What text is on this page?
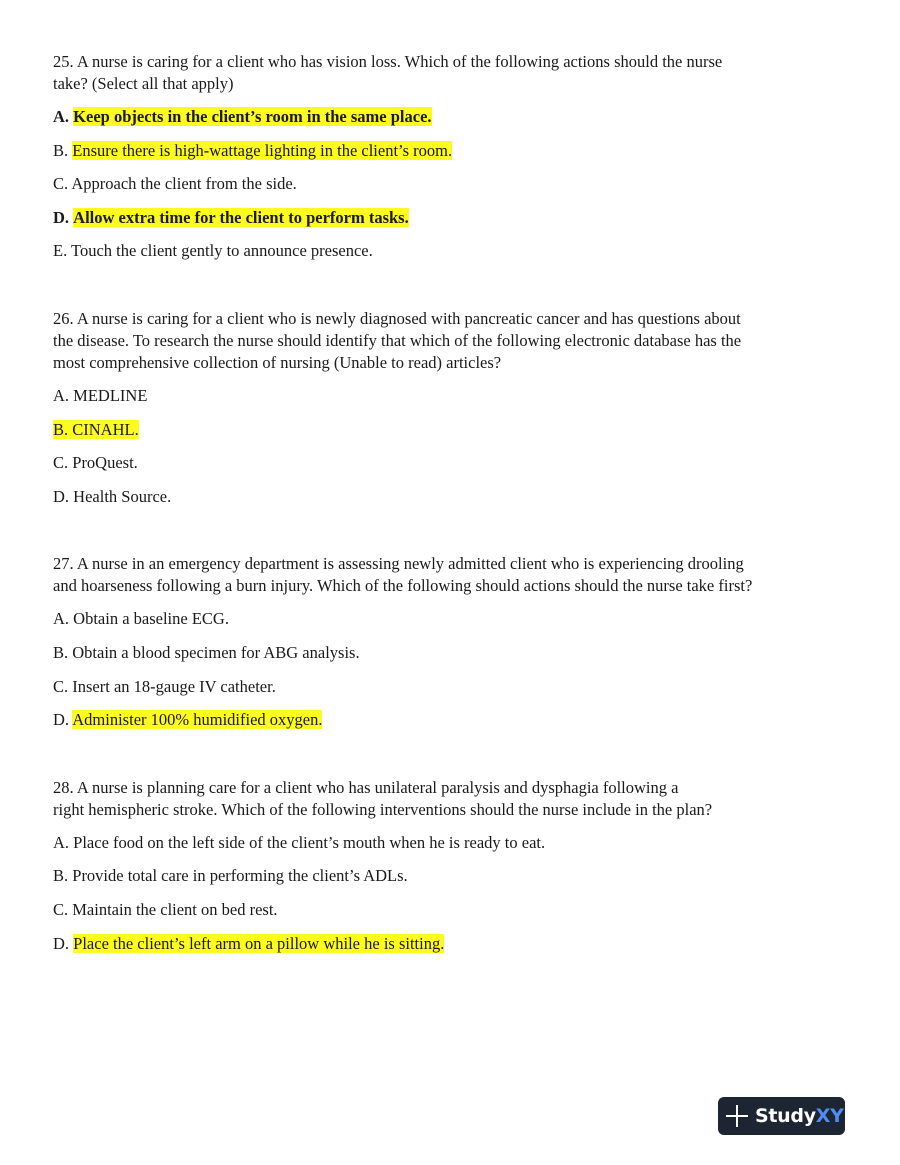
25. A nurse is caring for a client who has vision loss. Which of the following actions should the nurse
take? (Select all that apply)
A. Keep objects in the client’s room in the same place.
B. Ensure there is high-wattage lighting in the client’s room.
C. Approach the client from the side.
D. Allow extra time for the client to perform tasks.
E. Touch the client gently to announce presence.
26. A nurse is caring for a client who is newly diagnosed with pancreatic cancer and has questions about
the disease. To research the nurse should identify that which of the following electronic database has the
most comprehensive collection of nursing (Unable to read) articles?
A. MEDLINE
B. CINAHL.
C. ProQuest.
D. Health Source.
27. A nurse in an emergency department is assessing newly admitted client who is experiencing drooling
and hoarseness following a burn injury. Which of the following should actions should the nurse take first?
A. Obtain a baseline ECG.
B. Obtain a blood specimen for ABG analysis.
C. Insert an 18-gauge IV catheter.
D. Administer 100% humidified oxygen.
28. A nurse is planning care for a client who has unilateral paralysis and dysphagia following a
right hemispheric stroke. Which of the following interventions should the nurse include in the plan?
A. Place food on the left side of the client’s mouth when he is ready to eat.
B. Provide total care in performing the client’s ADLs.
C. Maintain the client on bed rest.
D. Place the client’s left arm on a pillow while he is sitting.
StudyXY
